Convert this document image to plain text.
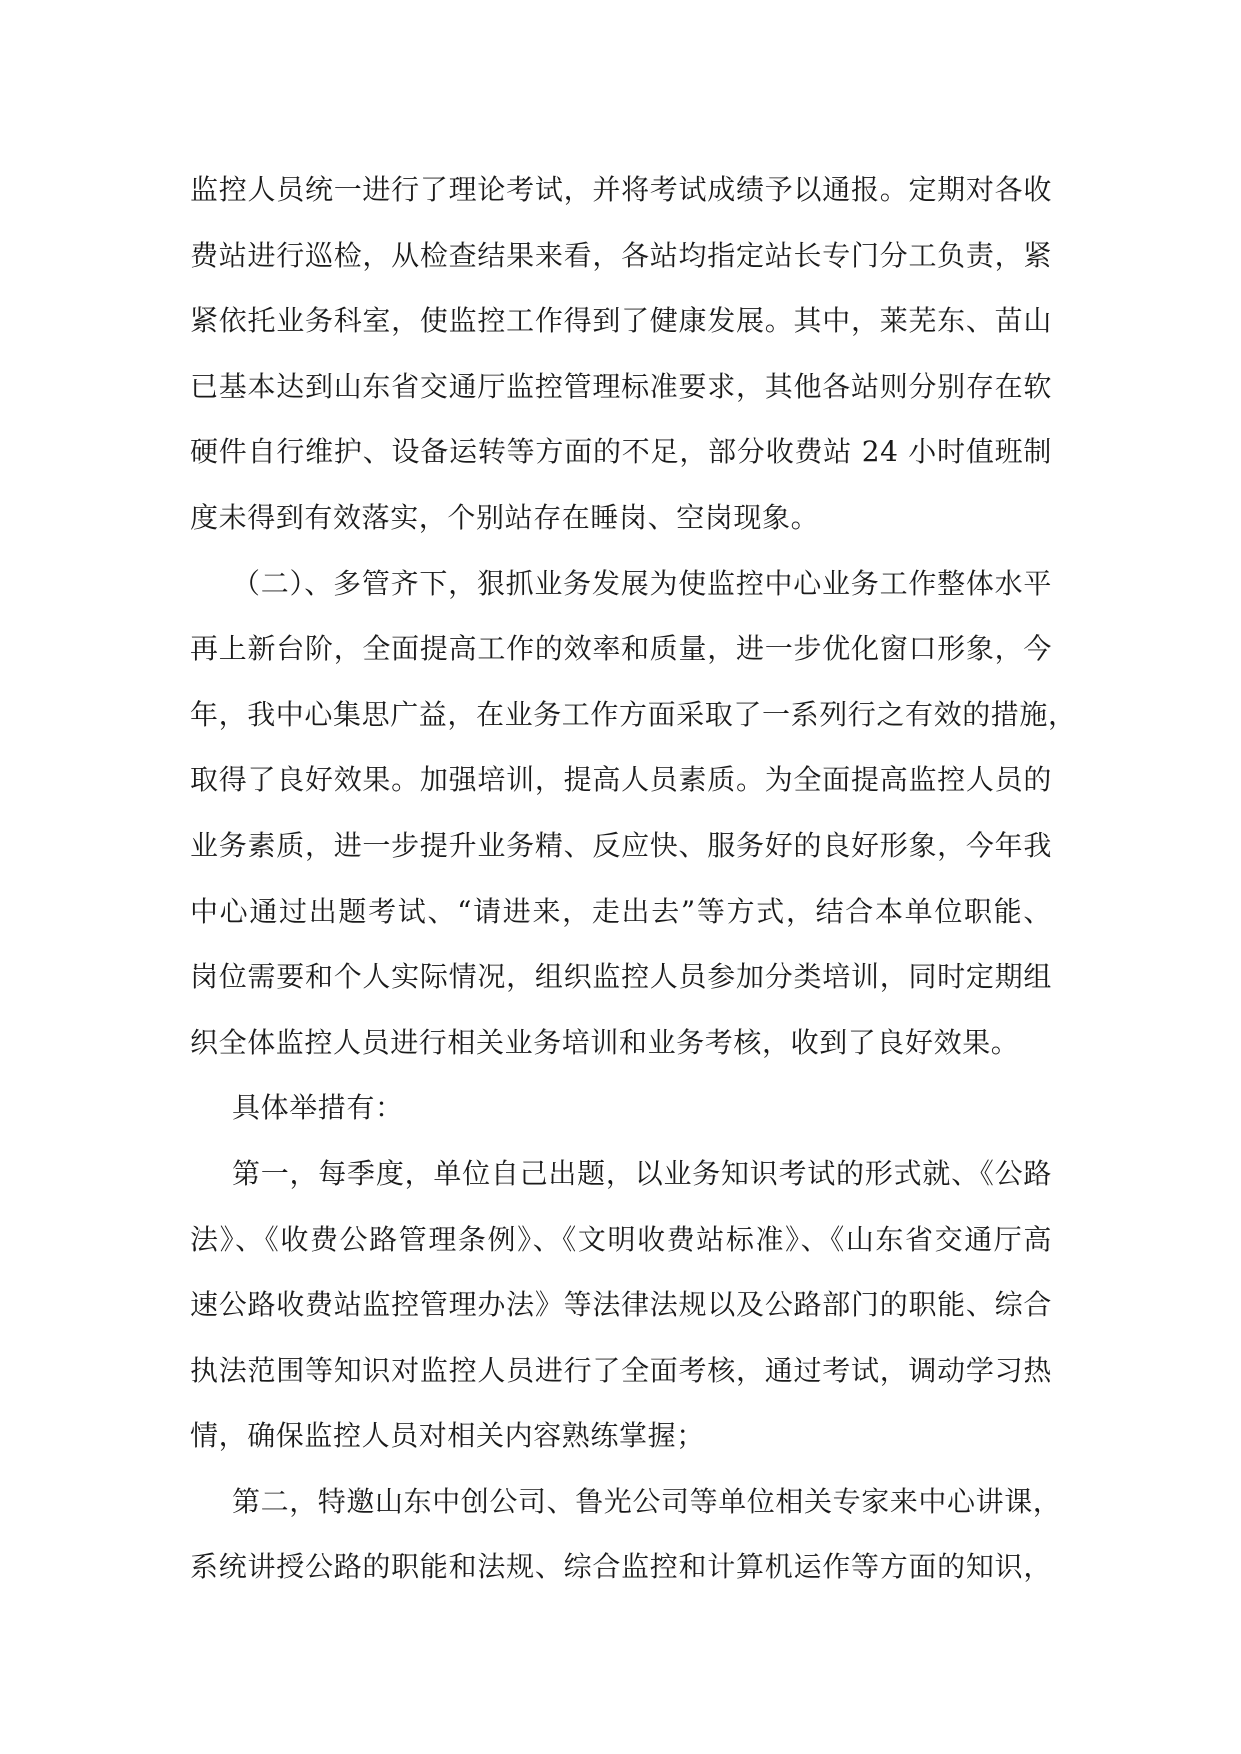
监控人员统一进行了理论考试，并将考试成绩予以通报。定期对各收
费站进行巡检，从检查结果来看，各站均指定站长专门分工负责，紧
紧依托业务科室，使监控工作得到了健康发展。其中，莱芜东、苗山
已基本达到山东省交通厅监控管理标准要求，其他各站则分别存在软
硬件自行维护、设备运转等方面的不足，部分收费站 24 小时值班制
度未得到有效落实，个别站存在睡岗、空岗现象。
（二）、多管齐下，狠抓业务发展为使监控中心业务工作整体水平
再上新台阶，全面提高工作的效率和质量，进一步优化窗口形象，今
年，我中心集思广益，在业务工作方面采取了一系列行之有效的措施，
取得了良好效果。加强培训，提高人员素质。为全面提高监控人员的
业务素质，进一步提升业务精、反应快、服务好的良好形象，今年我
中心通过出题考试、“请进来，走出去”等方式，结合本单位职能、
岗位需要和个人实际情况，组织监控人员参加分类培训，同时定期组
织全体监控人员进行相关业务培训和业务考核，收到了良好效果。
具体举措有：
第一，每季度，单位自己出题，以业务知识考试的形式就、《公路
法》、《收费公路管理条例》、《文明收费站标准》、《山东省交通厅高
速公路收费站监控管理办法》等法律法规以及公路部门的职能、综合
执法范围等知识对监控人员进行了全面考核，通过考试，调动学习热
情，确保监控人员对相关内容熟练掌握；
第二，特邀山东中创公司、鲁光公司等单位相关专家来中心讲课，
系统讲授公路的职能和法规、综合监控和计算机运作等方面的知识，
